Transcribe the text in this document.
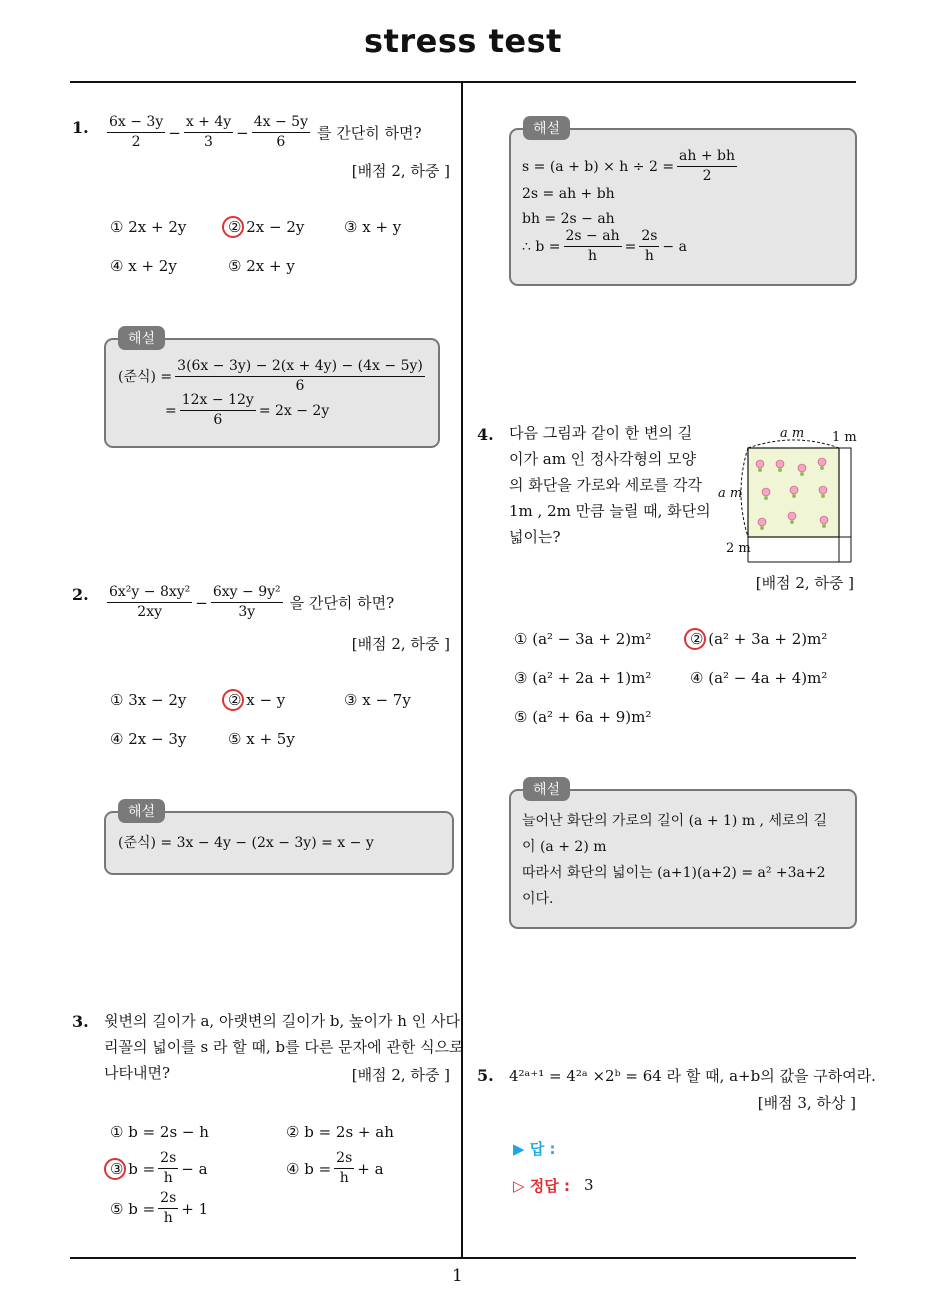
stress test
1
1. $\frac{6x - 3y}{2} - \frac{x + 4y}{3} - \frac{4x - 5y}{6}$ 를 간단히 하면?
[배점 2, 하중 ]
① 2x + 2y	② 2x − 2y	③ x + y
④ x + 2y	⑤ 2x + y
해설
(준식) = $\frac{3(6x - 3y) - 2(x + 4y) - (4x - 5y)}{6}$
= $\frac{12x - 12y}{6} = 2x - 2y$
2. $\frac{\text{6x²y − 8xy²}}{2xy} - \frac{\text{6xy − 9y²}}{3y}$ 을 간단히 하면?
[배점 2, 하중 ]
① 3x − 2y	② x − y	③ x − 7y
④ 2x − 3y	⑤ x + 5y
해설
(준식) = 3x − 4y − (2x − 3y) = x − y
3. 윗변의 길이가 a, 아랫변의 길이가 b, 높이가 h 인 사다
리꼴의 넓이를 s 라 할 때, b를 다른 문자에 관한 식으로
나타내면?	[배점 2, 하중 ]
① b = 2s − h	② b = 2s + ah
③ $b = \frac{2s}{h} - a$	④ $b = \frac{2s}{h} + a$
⑤ $b = \frac{2s}{h} + 1$
해설
$s = (a + b) \times h \div 2 = \frac{ah + bh}{2}$
2s = ah + bh
bh = 2s − ah
∴ $b = \frac{2s - ah}{h} = \frac{2s}{h} - a$
4. 다음 그림과 같이 한 변의 길
이가 am 인 정사각형의 모양
의 화단을 가로와 세로를 각각
1m , 2m 만큼 늘릴 때, 화단의
넓이는?
a m 1 m
a m
2 m
[배점 2, 하중 ]
① (a² − 3a + 2)m²	② (a² + 3a + 2)m²
③ (a² + 2a + 1)m²	④ (a² − 4a + 4)m²
⑤ (a² + 6a + 9)m²
해설
늘어난 화단의 가로의 길이 (a + 1) m , 세로의 길
이 (a + 2) m
따라서 화단의 넓이는 (a+1)(a+2) = a² +3a+2
이다.
5. 4²ᵃ⁺¹ = 4²ᵃ ×2ᵇ = 64 라 할 때, a+b의 값을 구하여라.
[배점 3, 하상 ]
▶ 답 :
▷ 정답 : 3
